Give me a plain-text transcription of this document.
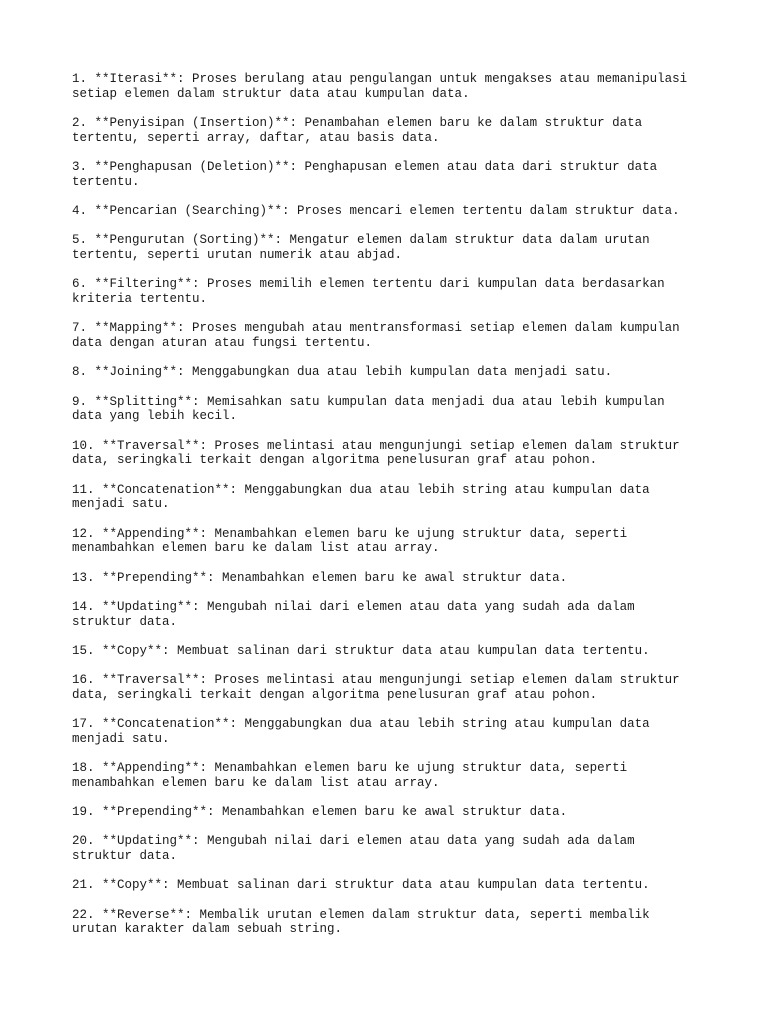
1. **Iterasi**: Proses berulang atau pengulangan untuk mengakses atau memanipulasi
setiap elemen dalam struktur data atau kumpulan data.

2. **Penyisipan (Insertion)**: Penambahan elemen baru ke dalam struktur data
tertentu, seperti array, daftar, atau basis data.

3. **Penghapusan (Deletion)**: Penghapusan elemen atau data dari struktur data
tertentu.

4. **Pencarian (Searching)**: Proses mencari elemen tertentu dalam struktur data.

5. **Pengurutan (Sorting)**: Mengatur elemen dalam struktur data dalam urutan
tertentu, seperti urutan numerik atau abjad.

6. **Filtering**: Proses memilih elemen tertentu dari kumpulan data berdasarkan
kriteria tertentu.

7. **Mapping**: Proses mengubah atau mentransformasi setiap elemen dalam kumpulan
data dengan aturan atau fungsi tertentu.

8. **Joining**: Menggabungkan dua atau lebih kumpulan data menjadi satu.

9. **Splitting**: Memisahkan satu kumpulan data menjadi dua atau lebih kumpulan
data yang lebih kecil.

10. **Traversal**: Proses melintasi atau mengunjungi setiap elemen dalam struktur
data, seringkali terkait dengan algoritma penelusuran graf atau pohon.

11. **Concatenation**: Menggabungkan dua atau lebih string atau kumpulan data
menjadi satu.

12. **Appending**: Menambahkan elemen baru ke ujung struktur data, seperti
menambahkan elemen baru ke dalam list atau array.

13. **Prepending**: Menambahkan elemen baru ke awal struktur data.

14. **Updating**: Mengubah nilai dari elemen atau data yang sudah ada dalam
struktur data.

15. **Copy**: Membuat salinan dari struktur data atau kumpulan data tertentu.

16. **Traversal**: Proses melintasi atau mengunjungi setiap elemen dalam struktur
data, seringkali terkait dengan algoritma penelusuran graf atau pohon.

17. **Concatenation**: Menggabungkan dua atau lebih string atau kumpulan data
menjadi satu.

18. **Appending**: Menambahkan elemen baru ke ujung struktur data, seperti
menambahkan elemen baru ke dalam list atau array.

19. **Prepending**: Menambahkan elemen baru ke awal struktur data.

20. **Updating**: Mengubah nilai dari elemen atau data yang sudah ada dalam
struktur data.

21. **Copy**: Membuat salinan dari struktur data atau kumpulan data tertentu.

22. **Reverse**: Membalik urutan elemen dalam struktur data, seperti membalik
urutan karakter dalam sebuah string.
